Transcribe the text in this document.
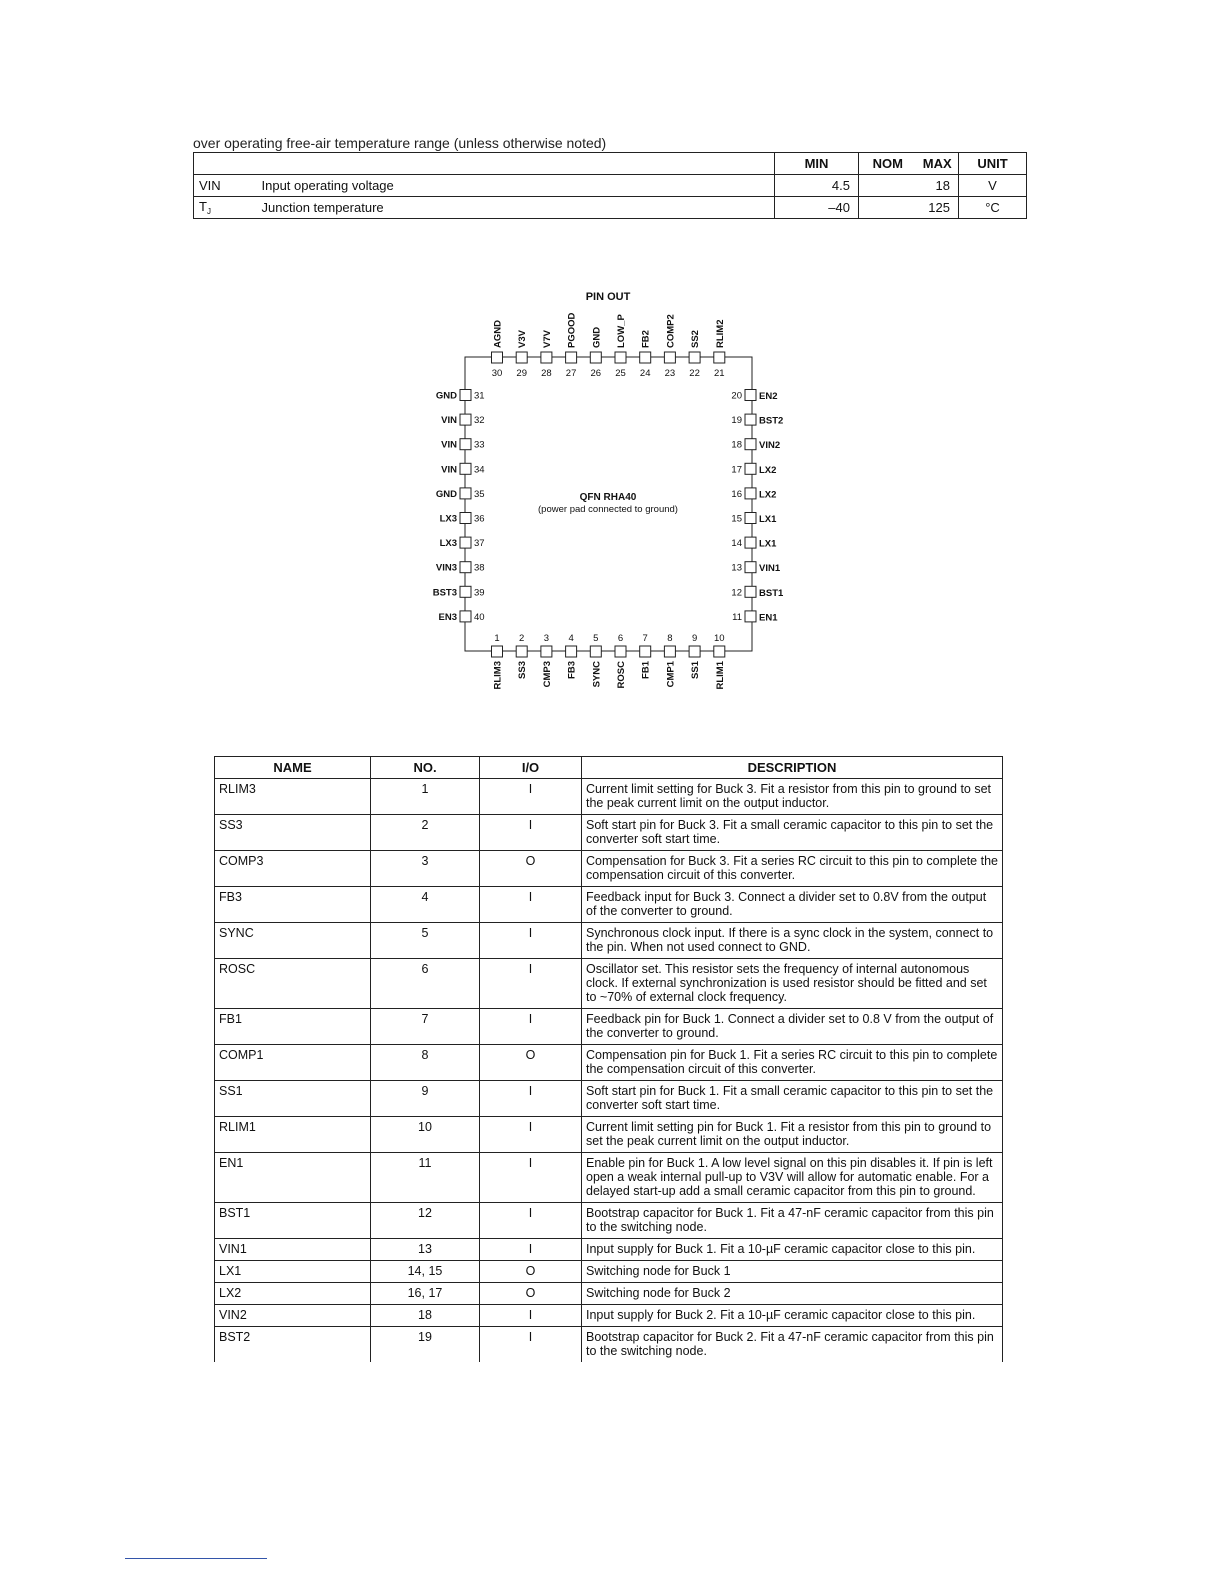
over operating free-air temperature range (unless otherwise noted)
		MIN	NOM	MAX	UNIT
VIN	Input operating voltage	4.5		18	V
$T_J$	Junction temperature	–40		125	°C
PIN OUT
QFN RHA40
(power pad connected to ground)
30
AGND
29
V3V
28
V7V
27
PGOOD
26
GND
25
LOW_P
24
FB2
23
COMP2
22
SS2
21
RLIM2
1
RLIM3
2
SS3
3
CMP3
4
FB3
5
SYNC
6
ROSC
7
FB1
8
CMP1
9
SS1
10
RLIM1
31
GND
32
VIN
33
VIN
34
VIN
35
GND
36
LX3
37
LX3
38
VIN3
39
BST3
40
EN3
20 EN2
19 BST2
18 VIN2
17 LX2
16 LX2
15 LX1
14 LX1
13 VIN1
12 BST1
11 EN1
NAME	NO.	I/O	DESCRIPTION
RLIM3	1	I	Current limit setting for Buck 3. Fit a resistor from this pin to ground to set the peak current limit on the output inductor.
SS3	2	I	Soft start pin for Buck 3. Fit a small ceramic capacitor to this pin to set the converter soft start time.
COMP3	3	O	Compensation for Buck 3. Fit a series RC circuit to this pin to complete the compensation circuit of this converter.
FB3	4	I	Feedback input for Buck 3. Connect a divider set to 0.8V from the output of the converter to ground.
SYNC	5	I	Synchronous clock input. If there is a sync clock in the system, connect to the pin. When not used connect to GND.
ROSC	6	I	Oscillator set. This resistor sets the frequency of internal autonomous clock. If external synchronization is used resistor should be fitted and set to ~70% of external clock frequency.
FB1	7	I	Feedback pin for Buck 1. Connect a divider set to 0.8 V from the output of the converter to ground.
COMP1	8	O	Compensation pin for Buck 1. Fit a series RC circuit to this pin to complete the compensation circuit of this converter.
SS1	9	I	Soft start pin for Buck 1. Fit a small ceramic capacitor to this pin to set the converter soft start time.
RLIM1	10	I	Current limit setting pin for Buck 1. Fit a resistor from this pin to ground to set the peak current limit on the output inductor.
EN1	11	I	Enable pin for Buck 1. A low level signal on this pin disables it. If pin is left open a weak internal pull-up to V3V will allow for automatic enable. For a delayed start-up add a small ceramic capacitor from this pin to ground.
BST1	12	I	Bootstrap capacitor for Buck 1. Fit a 47-nF ceramic capacitor from this pin to the switching node.
VIN1	13	I	Input supply for Buck 1. Fit a 10-µF ceramic capacitor close to this pin.
LX1	14, 15	O	Switching node for Buck 1
LX2	16, 17	O	Switching node for Buck 2
VIN2	18	I	Input supply for Buck 2. Fit a 10-µF ceramic capacitor close to this pin.
BST2	19	I	Bootstrap capacitor for Buck 2. Fit a 47-nF ceramic capacitor from this pin to the switching node.
